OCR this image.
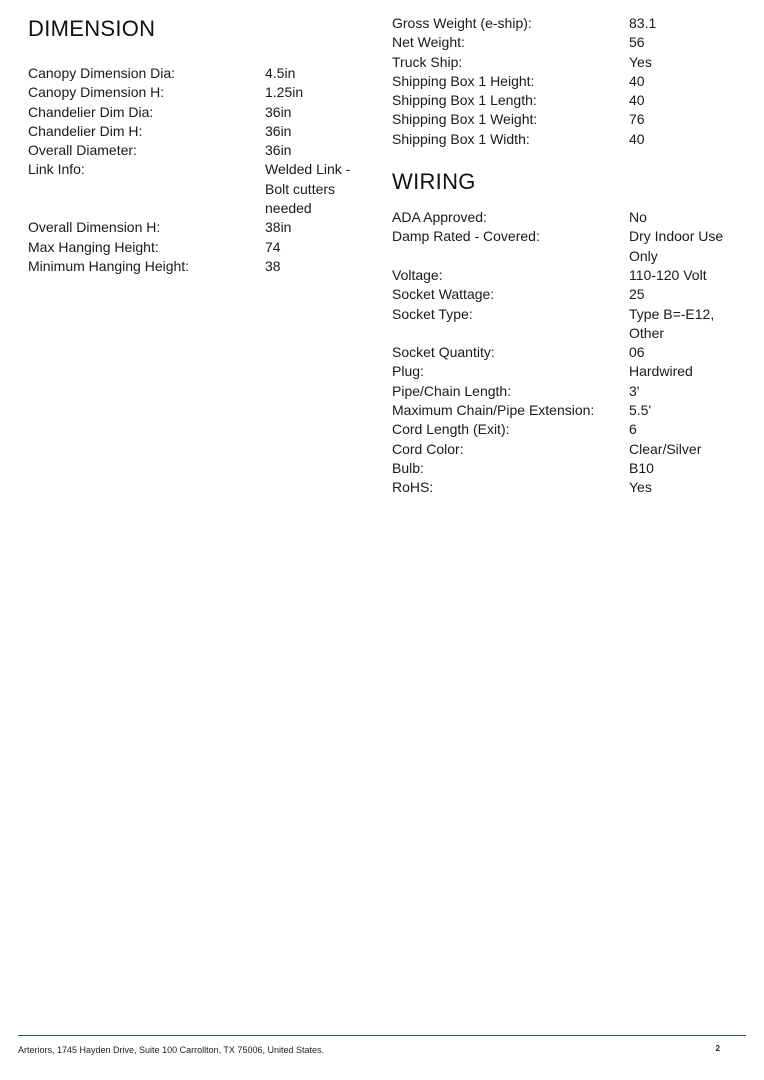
DIMENSION
Canopy Dimension Dia:	4.5in
Canopy Dimension H:	1.25in
Chandelier Dim Dia:	36in
Chandelier Dim H:	36in
Overall Diameter:	36in
Link Info:	Welded Link - Bolt cutters needed
Overall Dimension H:	38in
Max Hanging Height:	74
Minimum Hanging Height:	38
Gross Weight (e-ship):	83.1
Net Weight:	56
Truck Ship:	Yes
Shipping Box 1 Height:	40
Shipping Box 1 Length:	40
Shipping Box 1 Weight:	76
Shipping Box 1 Width:	40
WIRING
ADA Approved:	No
Damp Rated - Covered:	Dry Indoor Use Only
Voltage:	110-120 Volt
Socket Wattage:	25
Socket Type:	Type B=-E12, Other
Socket Quantity:	06
Plug:	Hardwired
Pipe/Chain Length:	3'
Maximum Chain/Pipe Extension:	5.5'
Cord Length (Exit):	6
Cord Color:	Clear/Silver
Bulb:	B10
RoHS:	Yes
Arteriors, 1745 Hayden Drive, Suite 100 Carrollton, TX 75006, United States.	2
